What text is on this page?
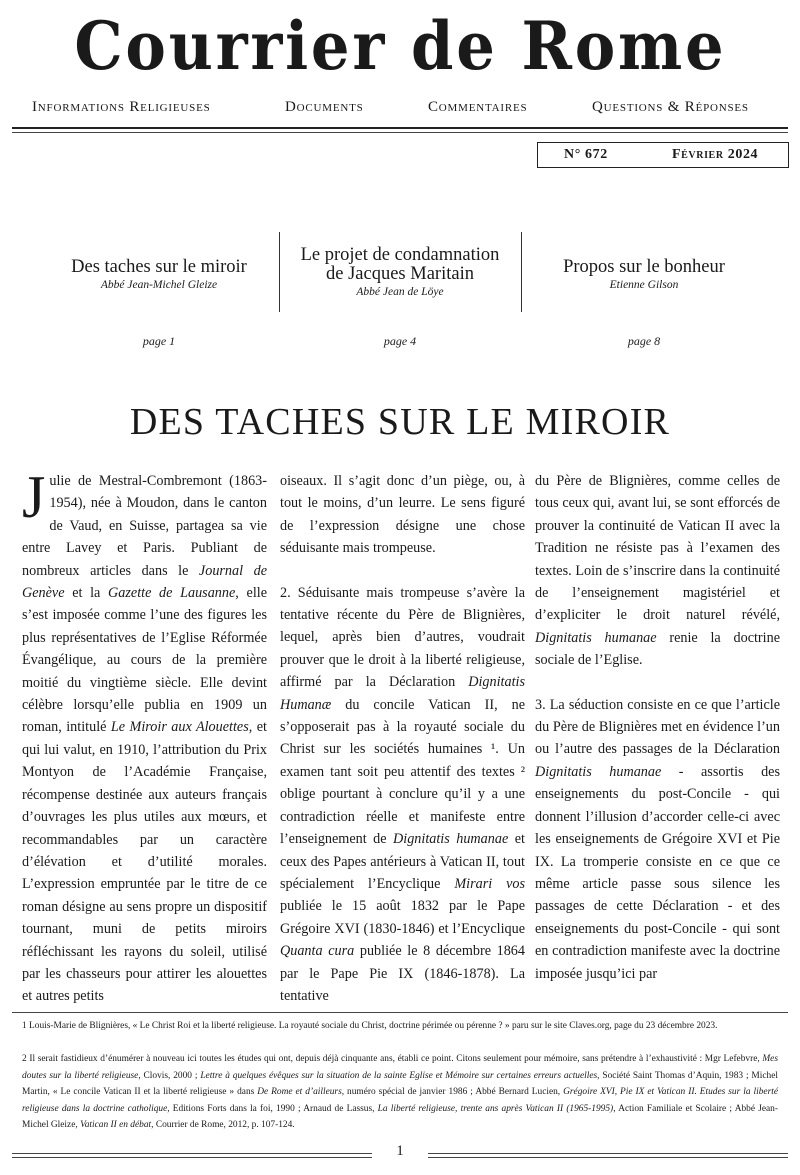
Courrier de Rome
Informations Religieuses	Documents	Commentaires	Questions & Réponses
N° 672	Février 2024
Des taches sur le miroir
Abbé Jean-Michel Gleize
page 1
Le projet de condamnation
de Jacques Maritain
Abbé Jean de Löye
page 4
Propos sur le bonheur
Etienne Gilson
page 8
DES TACHES SUR LE MIROIR

Julie de Mestral-Combremont (1863-1954), née à Moudon, dans le canton de Vaud, en Suisse, partagea sa vie entre Lavey et Paris. Publiant de nombreux articles dans le Journal de Genève et la Gazette de Lausanne, elle s’est imposée comme l’une des figures les plus représentatives de l’Eglise Réformée Évangélique, au cours de la première moitié du vingtième siècle. Elle devint célèbre lorsqu’elle publia en 1909 un roman, intitulé Le Miroir aux Alouettes, et qui lui valut, en 1910, l’attribution du Prix Montyon de l’Académie Française, récompense destinée aux auteurs français d’ouvrages les plus utiles aux mœurs, et recommandables par un caractère d’élévation et d’utilité morales. L’expression empruntée par le titre de ce roman désigne au sens propre un dispositif tournant, muni de petits miroirs réfléchissant les rayons du soleil, utilisé par les chasseurs pour attirer les alouettes et autres petits

oiseaux. Il s’agit donc d’un piège, ou, à tout le moins, d’un leurre. Le sens figuré de l’expression désigne une chose séduisante mais trompeuse.

2. Séduisante mais trompeuse s’avère la tentative récente du Père de Blignières, lequel, après bien d’autres, voudrait prouver que le droit à la liberté religieuse, affirmé par la Déclaration Dignitatis Humanæ du concile Vatican II, ne s’opposerait pas à la royauté sociale du Christ sur les sociétés humaines ¹. Un examen tant soit peu attentif des textes ² oblige pourtant à conclure qu’il y a une contradiction réelle et manifeste entre l’enseignement de Dignitatis humanae et ceux des Papes antérieurs à Vatican II, tout spécialement l’Encyclique Mirari vos publiée le 15 août 1832 par le Pape Grégoire XVI (1830-1846) et l’Encyclique Quanta cura publiée le 8 décembre 1864 par le Pape Pie IX (1846-1878). La tentative

du Père de Blignières, comme celles de tous ceux qui, avant lui, se sont efforcés de prouver la continuité de Vatican II avec la Tradition ne résiste pas à l’examen des textes. Loin de s’inscrire dans la continuité de l’enseignement magistériel et d’expliciter le droit naturel révélé, Dignitatis humanae renie la doctrine sociale de l’Eglise.

3. La séduction consiste en ce que l’article du Père de Blignières met en évidence l’un ou l’autre des passages de la Déclaration Dignitatis humanae - assortis des enseignements du post-Concile - qui donnent l’illusion d’accorder celle-ci avec les enseignements de Grégoire XVI et Pie IX. La tromperie consiste en ce que ce même article passe sous silence les passages de cette Déclaration - et des enseignements du post-Concile - qui sont en contradiction manifeste avec la doctrine imposée jusqu’ici par

1 Louis-Marie de Blignières, « Le Christ Roi et la liberté religieuse. La royauté sociale du Christ, doctrine périmée ou pérenne ? » paru sur le site Claves.org, page du 23 décembre 2023.
2 Il serait fastidieux d’énumérer à nouveau ici toutes les études qui ont, depuis déjà cinquante ans, établi ce point. Citons seulement pour mémoire, sans prétendre à l’exhaustivité : Mgr Lefebvre, Mes doutes sur la liberté religieuse, Clovis, 2000 ; Lettre à quelques évêques sur la situation de la sainte Eglise et Mémoire sur certaines erreurs actuelles, Société Saint Thomas d’Aquin, 1983 ; Michel Martin, « Le concile Vatican II et la liberté religieuse » dans De Rome et d’ailleurs, numéro spécial de janvier 1986 ; Abbé Bernard Lucien, Grégoire XVI, Pie IX et Vatican II. Etudes sur la liberté religieuse dans la doctrine catholique, Editions Forts dans la foi, 1990 ; Arnaud de Lassus, La liberté religieuse, trente ans après Vatican II (1965-1995), Action Familiale et Scolaire ; Abbé Jean-Michel Gleize, Vatican II en débat, Courrier de Rome, 2012, p. 107-124.
1
